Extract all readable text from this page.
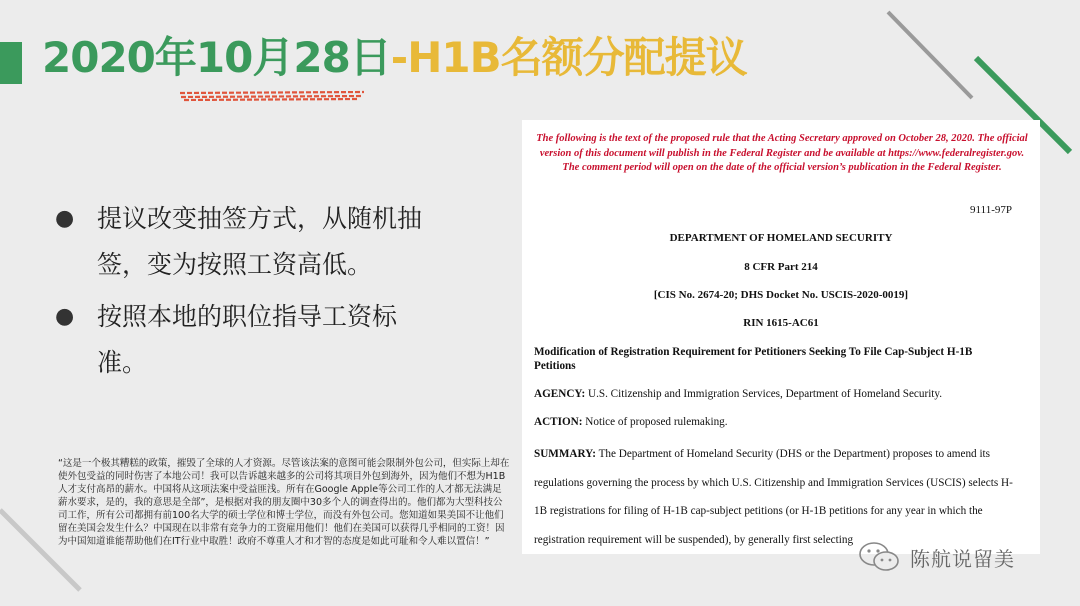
2020年10月28日-H1B名额分配提议
● 提议改变抽签方式，从随机抽签，变为按照工资高低。
● 按照本地的职位指导工资标准。
“这是一个极其糟糕的政策，摧毁了全球的人才资源。尽管该法案的意图可能会限制外包公司，但实际上却在使外包受益的同时伤害了本地公司！我可以告诉越来越多的公司将其项目外包到海外，因为他们不想为H1B人才支付高昂的薪水。中国将从这项法案中受益匪浅。所有在Google Apple等公司工作的人才都无法满足薪水要求，是的，我的意思是全部”，是根据对我的朋友圈中30多个人的调查得出的。他们都为大型科技公司工作，所有公司都拥有前100名大学的硕士学位和博士学位，而没有外包公司。您知道如果美国不让他们留在美国会发生什么？中国现在以非常有竞争力的工资雇用他们！他们在美国可以获得几乎相同的工资！因为中国知道谁能帮助他们在IT行业中取胜！政府不尊重人才和才智的态度是如此可耻和令人难以置信！”
The following is the text of the proposed rule that the Acting Secretary approved on October 28, 2020. The official version of this document will publish in the Federal Register and be available at https://www.federalregister.gov. The comment period will open on the date of the official version’s publication in the Federal Register.
9111-97P
DEPARTMENT OF HOMELAND SECURITY
8 CFR Part 214
[CIS No. 2674-20; DHS Docket No. USCIS-2020-0019]
RIN 1615-AC61
Modification of Registration Requirement for Petitioners Seeking To File Cap-Subject H-1B Petitions
AGENCY: U.S. Citizenship and Immigration Services, Department of Homeland Security.
ACTION: Notice of proposed rulemaking.
SUMMARY: The Department of Homeland Security (DHS or the Department) proposes to amend its regulations governing the process by which U.S. Citizenship and Immigration Services (USCIS) selects H-1B registrations for filing of H-1B cap-subject petitions (or H-1B petitions for any year in which the registration requirement will be suspended), by generally first selecting
陈航说留美
